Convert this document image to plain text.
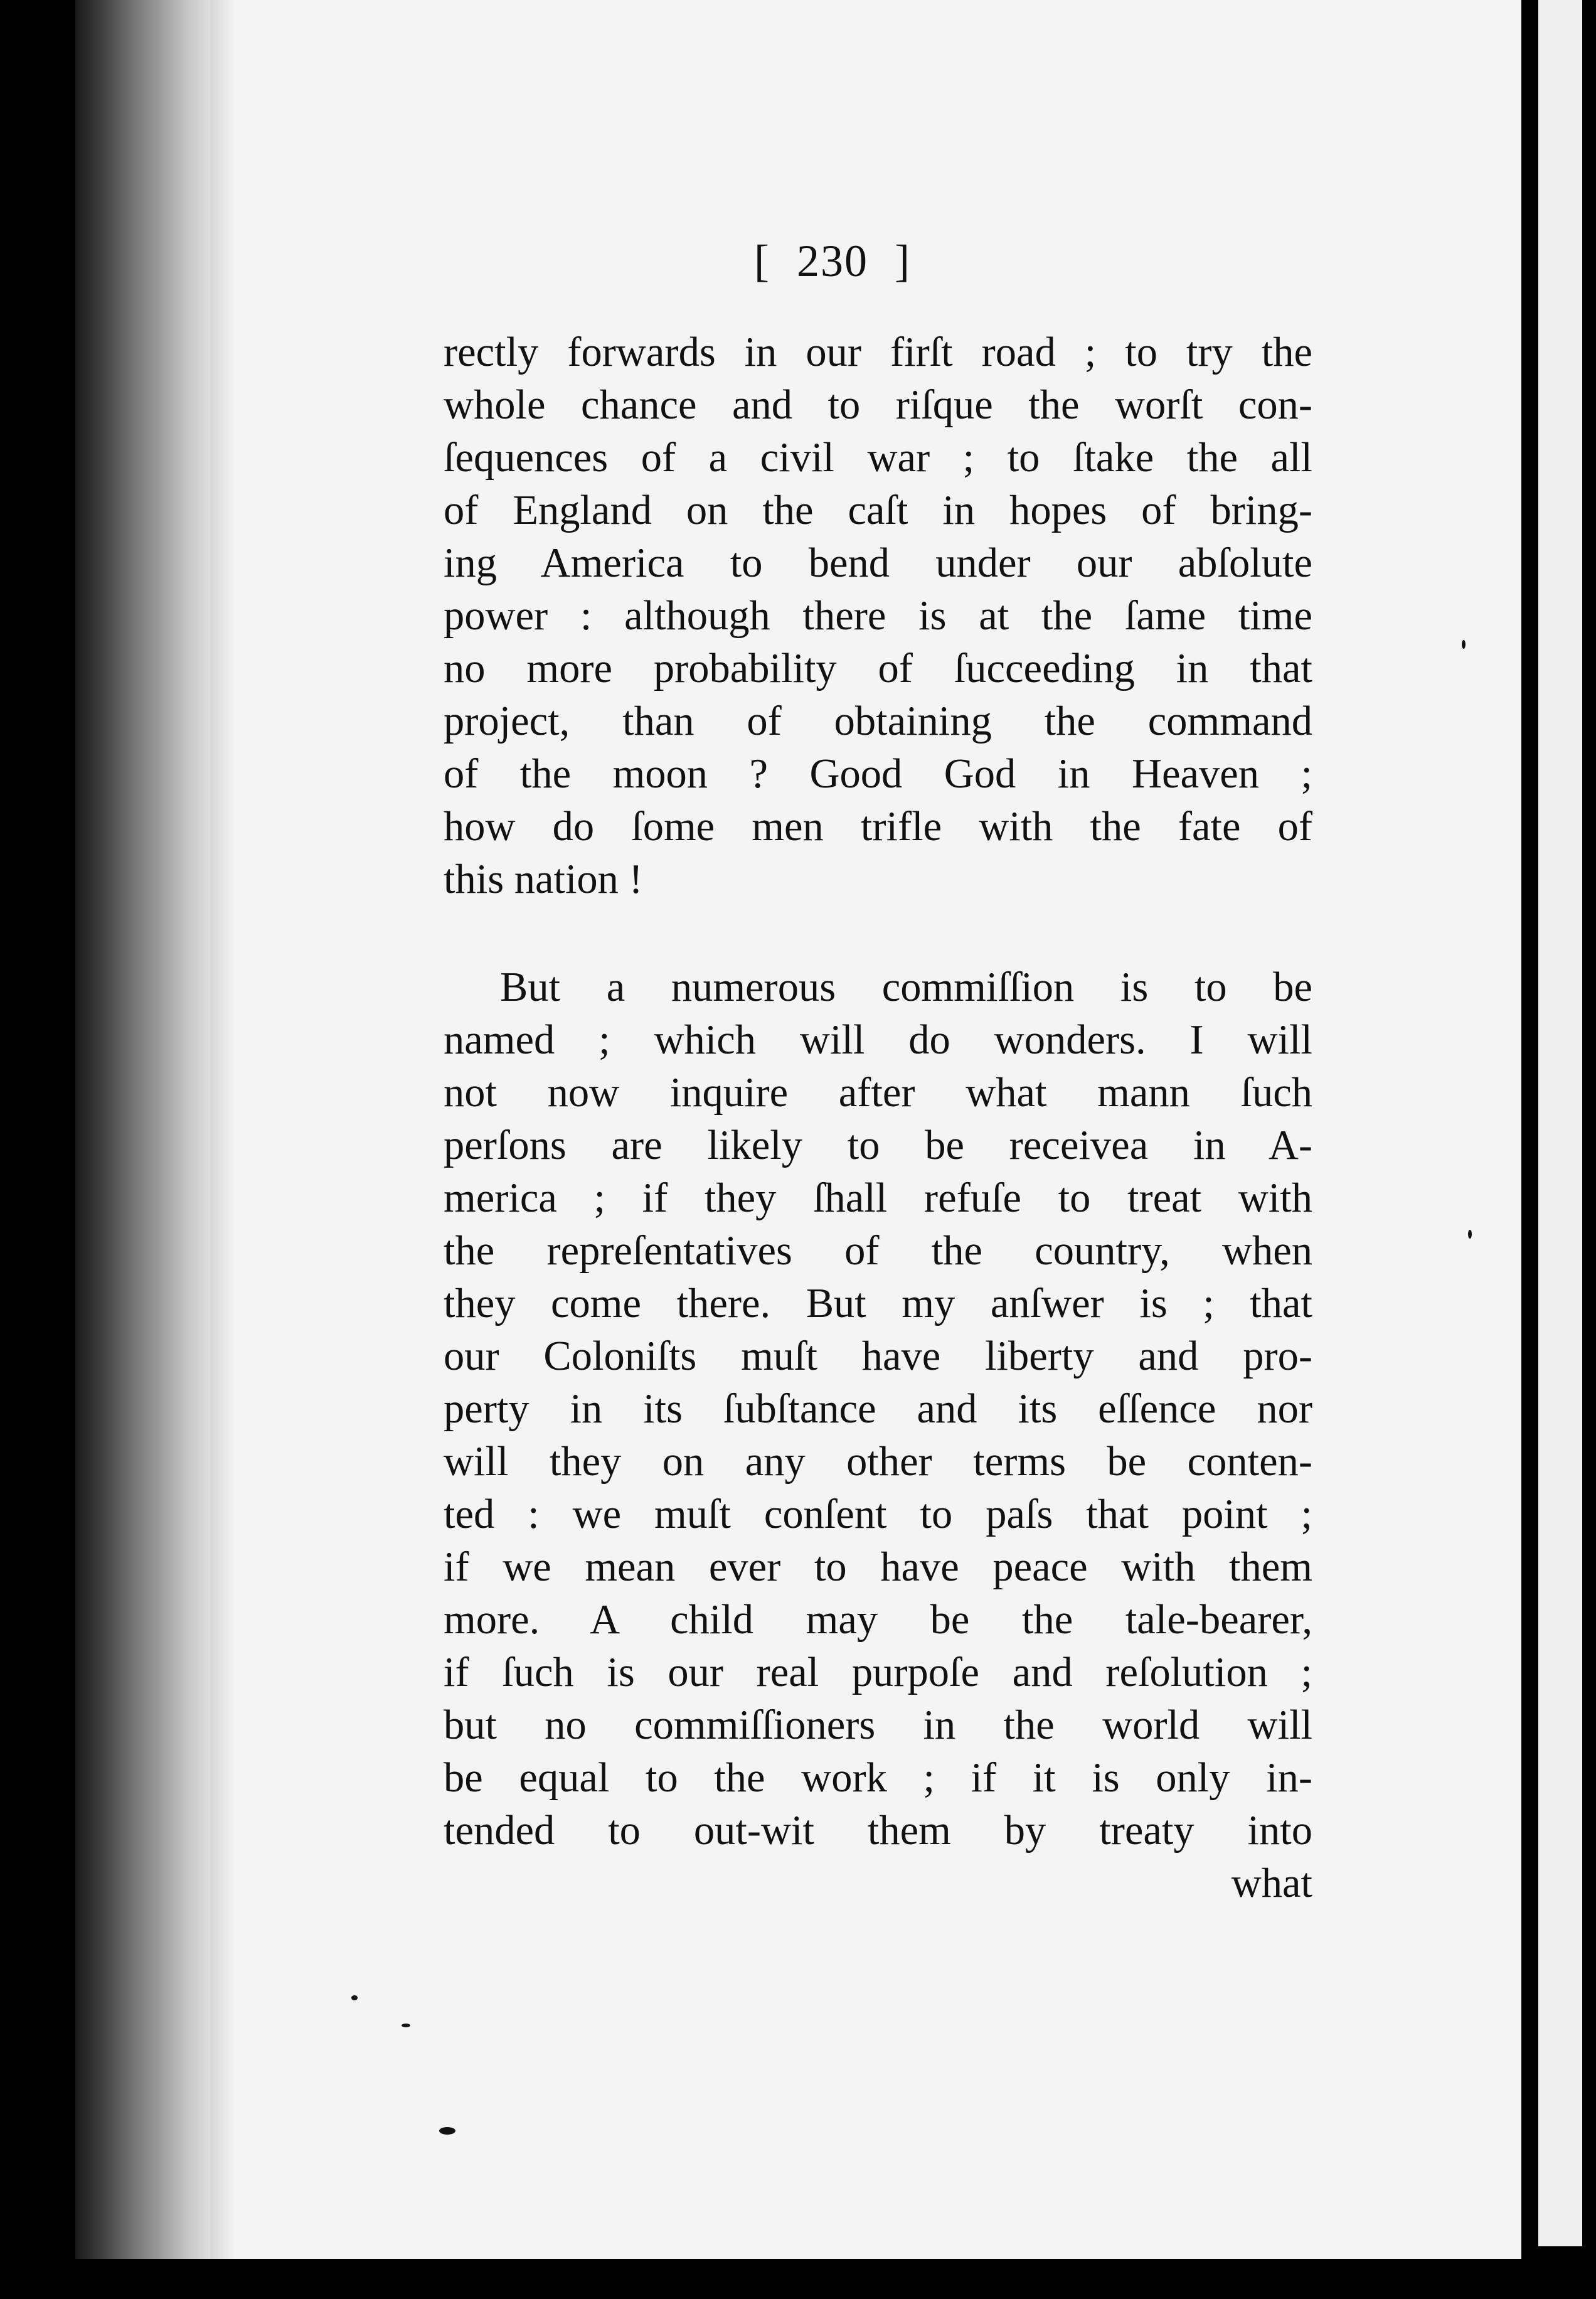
[ 230 ]
rectly forwards in our firſt road ; to try the
whole chance and to riſque the worſt con-
ſequences of a civil war ; to ſtake the all
of England on the caſt in hopes of bring-
ing America to bend under our abſolute
power : although there is at the ſame time
no more probability of ſucceeding in that
project, than of obtaining the command
of the moon ? Good God in Heaven ;
how do ſome men trifle with the fate of
this nation !
But a numerous commiſſion is to be
named ; which will do wonders. I will
not now inquire after what mann ſuch
perſons are likely to be receivea in A-
merica ; if they ſhall refuſe to treat with
the repreſentatives of the country, when
they come there. But my anſwer is ; that
our Coloniſts muſt have liberty and pro-
perty in its ſubſtance and its eſſence nor
will they on any other terms be conten-
ted : we muſt conſent to paſs that point ;
if we mean ever to have peace with them
more. A child may be the tale-bearer,
if ſuch is our real purpoſe and reſolution ;
but no commiſſioners in the world will
be equal to the work ; if it is only in-
tended to out-wit them by treaty into
what
